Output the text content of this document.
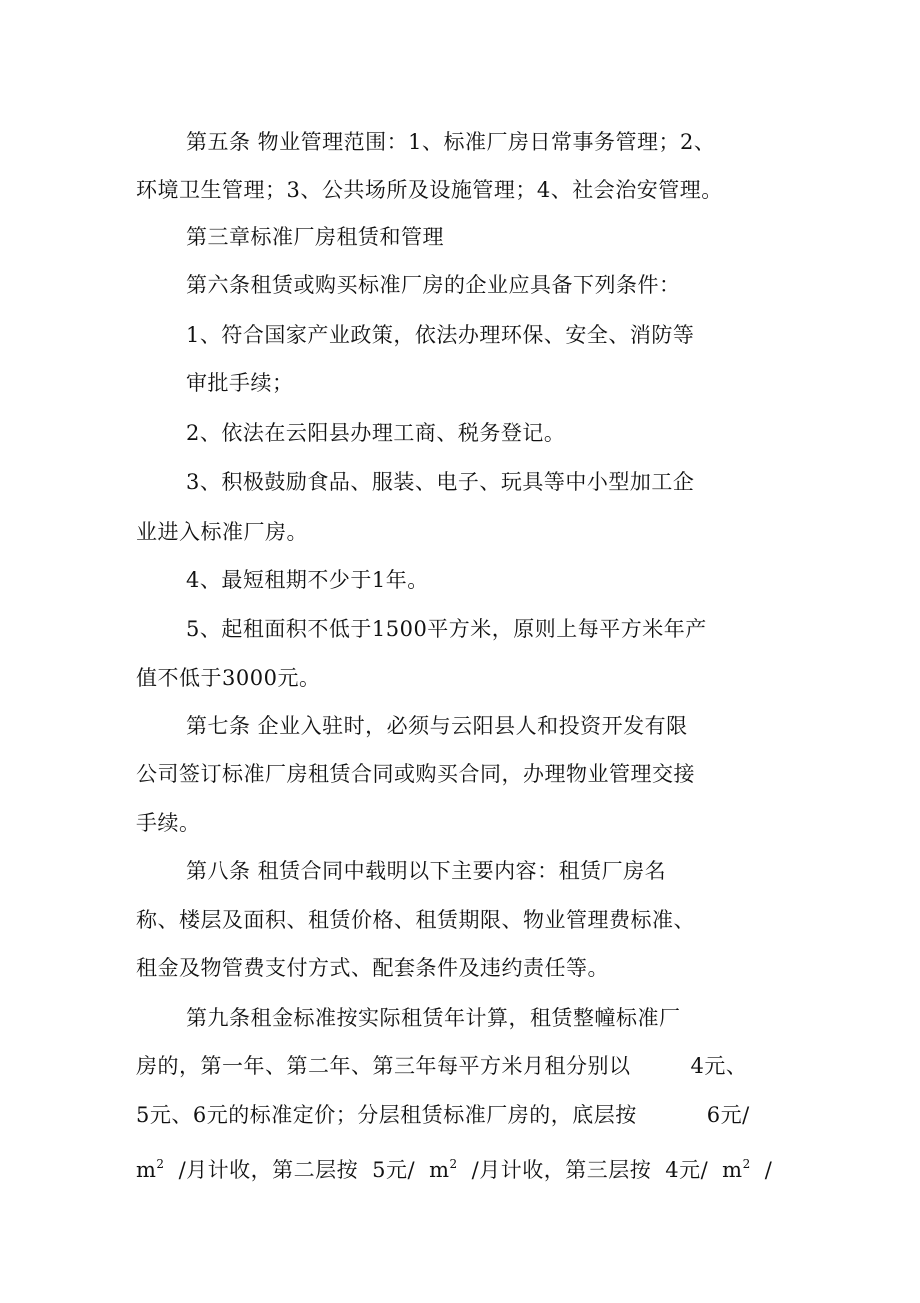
第五条 物业管理范围：1、标准厂房日常事务管理；2、
环境卫生管理；3、公共场所及设施管理；4、社会治安管理。
第三章标准厂房租赁和管理
第六条租赁或购买标准厂房的企业应具备下列条件：
1、符合国家产业政策，依法办理环保、安全、消防等
审批手续；
2、依法在云阳县办理工商、税务登记。
3、积极鼓励食品、服装、电子、玩具等中小型加工企
业进入标准厂房。
4、最短租期不少于1年。
5、起租面积不低于1500平方米，原则上每平方米年产
值不低于3000元。
第七条 企业入驻时，必须与云阳县人和投资开发有限
公司签订标准厂房租赁合同或购买合同，办理物业管理交接
手续。
第八条 租赁合同中载明以下主要内容：租赁厂房名
称、楼层及面积、租赁价格、租赁期限、物业管理费标准、
租金及物管费支付方式、配套条件及违约责任等。
第九条租金标准按实际租赁年计算，租赁整幢标准厂
房的，第一年、第二年、第三年每平方米月租分别以	4元、
5元、6元的标准定价；分层租赁标准厂房的，底层按	6元/
$m^2$ /月计收，第二层按 5元/ $m^2$ /月计收，第三层按 4元/ $m^2$ /
